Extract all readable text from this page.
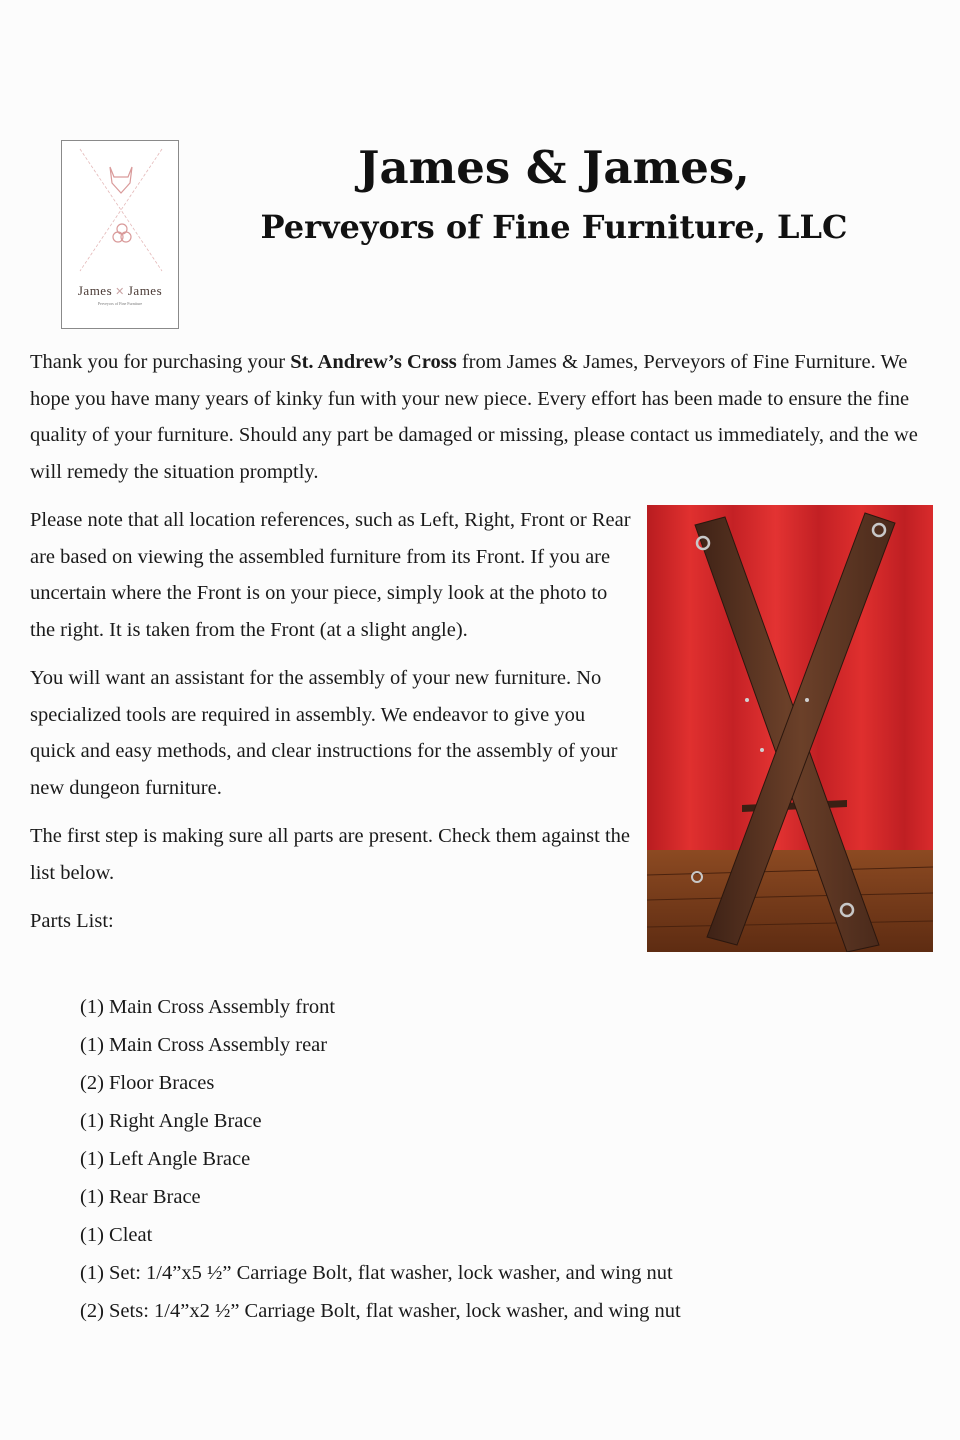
James ✕ James
Perveyors of Fine Furniture
James & James,
Perveyors of Fine Furniture, LLC

Thank you for purchasing your St. Andrew’s Cross from James & James, Perveyors of Fine Furniture. We hope you have many years of kinky fun with your new piece. Every effort has been made to ensure the fine quality of your furniture. Should any part be damaged or missing, please contact us immediately, and the we will remedy the situation promptly.

Please note that all location references, such as Left, Right, Front or Rear are based on viewing the assembled furniture from its Front. If you are uncertain where the Front is on your piece, simply look at the photo to the right. It is taken from the Front (at a slight angle).

You will want an assistant for the assembly of your new furniture. No specialized tools are required in assembly. We endeavor to give you quick and easy methods, and clear instructions for the assembly of your new dungeon furniture.

The first step is making sure all parts are present. Check them against the list below.

Parts List:

(1) Main Cross Assembly front
(1) Main Cross Assembly rear
(2) Floor Braces
(1) Right Angle Brace
(1) Left Angle Brace
(1) Rear Brace
(1) Cleat
(1) Set: 1/4”x5 ½” Carriage Bolt, flat washer, lock washer, and wing nut
(2) Sets: 1/4”x2 ½” Carriage Bolt, flat washer, lock washer, and wing nut
